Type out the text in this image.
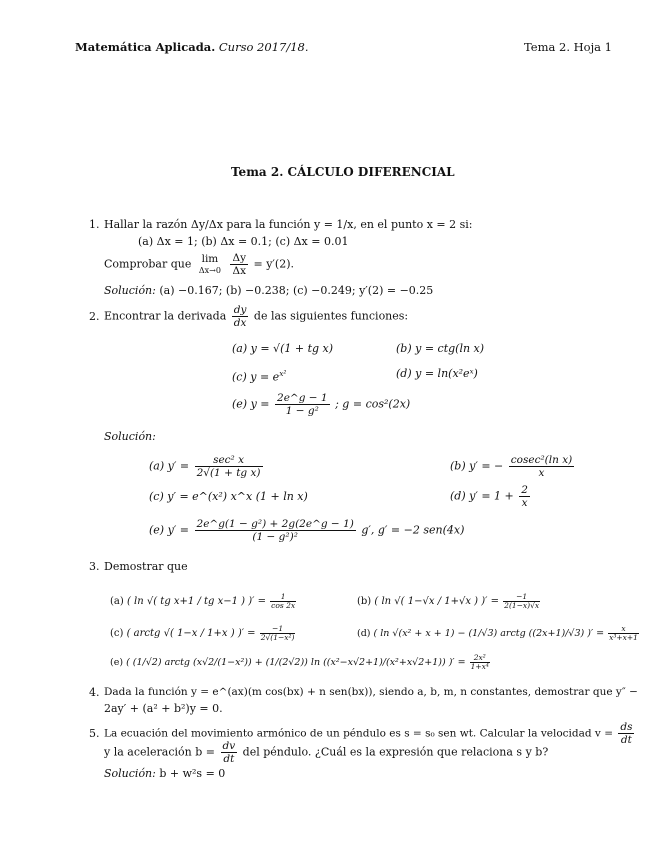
Matemática Aplicada. Curso 2017/18.	Tema 2. Hoja 1
Tema 2. CÁLCULO DIFERENCIAL
1. Hallar la razón Δy/Δx para la función y = 1/x, en el punto x = 2 si:
(a) Δx = 1; (b) Δx = 0.1; (c) Δx = 0.01
Comprobar que lim
Δx→0
$\frac{\Delta y}{\Delta x} = y'(2)$.
Solución: (a) −0.167; (b) −0.238; (c) −0.249; y′(2) = −0.25
2. Encontrar la derivada $\frac{dy}{dx}$ de las siguientes funciones:
(a) y = √(1 + tg x)	(b) y = ctg(ln x)
(c) $y = e^{x^2}$	(d) y = ln(x²eˣ)
(e) $y = \frac{2e\^{}g - 1}{\text{1 − g²}}$ ; g = cos²(2x)
Solución:
(a) $y' = \frac{\text{sec² x}}{\text{2√(1 + tg x)}}$	(b) y′ = − $\frac{\text{cosec²(ln x)}}{x}$
(c) y′ = e^(x²) x^x (1 + ln x)	(d) $y' = 1 + \frac{2}{x}$
(e) $y' = \frac{\text{2e\textasciicircum{}g(1 − g²) + 2g(2e\textasciicircum{}g − 1)}}{\text{(1 − g²)²}} g'$, g′ = −2 sen(4x)
3. Demostrar que
(a) ( ln √( tg x+1 / tg x−1 ) )′ = $\frac{1}{\cos 2x}$	(b) ( ln √( 1−√x / 1+√x ) )′ = $\frac{-1}{2(1-x)√x}$
(c) ( arctg √( 1−x / 1+x ) )′ = $\frac{-1}{\text{2√(1−x²)}}$	(d) ( ln √(x² + x + 1) − (1/√3) arctg ((2x+1)/√3) )′ = $\frac{x}{\text{x³+x+1}}$
(e) ( (1/√2) arctg (x√2/(1−x²)) + (1/(2√2)) ln ((x²−x√2+1)/(x²+x√2+1)) )′ = $\frac{\text{2x²}}{\text{1+x⁴}}$
4. Dada la función y = e^(ax)(m cos(bx) + n sen(bx)), siendo a, b, m, n constantes, demostrar que y″ −
2ay′ + (a² + b²)y = 0.
5. La ecuación del movimiento armónico de un péndulo es s = s₀ sen wt. Calcular la velocidad $v = \frac{ds}{dt}$
y la aceleración $b = \frac{dv}{dt}$ del péndulo. ¿Cuál es la expresión que relaciona s y b?
Solución: b + w²s = 0
